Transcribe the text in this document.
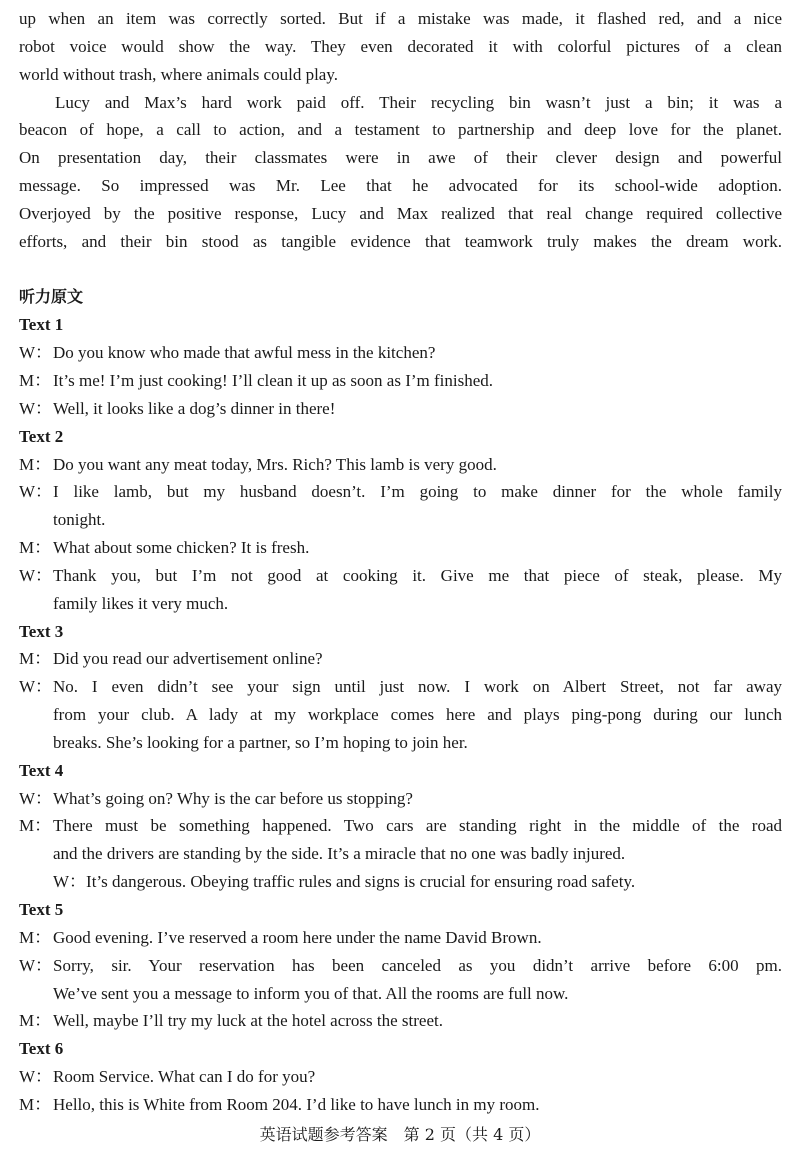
up when an item was correctly sorted. But if a mistake was made, it flashed red, and a nice
robot voice would show the way. They even decorated it with colorful pictures of a clean
world without trash, where animals could play.
Lucy and Max’s hard work paid off. Their recycling bin wasn’t just a bin; it was a
beacon of hope, a call to action, and a testament to partnership and deep love for the planet.
On presentation day, their classmates were in awe of their clever design and powerful
message. So impressed was Mr. Lee that he advocated for its school-wide adoption.
Overjoyed by the positive response, Lucy and Max realized that real change required collective
efforts, and their bin stood as tangible evidence that teamwork truly makes the dream work.
听力原文
Text 1
W： Do you know who made that awful mess in the kitchen?
M： It’s me! I’m just cooking! I’ll clean it up as soon as I’m finished.
W： Well, it looks like a dog’s dinner in there!
Text 2
M： Do you want any meat today, Mrs. Rich? This lamb is very good.
W： I like lamb, but my husband doesn’t. I’m going to make dinner for the whole family
tonight.
M： What about some chicken? It is fresh.
W： Thank you, but I’m not good at cooking it. Give me that piece of steak, please. My
family likes it very much.
Text 3
M： Did you read our advertisement online?
W： No. I even didn’t see your sign until just now. I work on Albert Street, not far away
from your club. A lady at my workplace comes here and plays ping-pong during our lunch
breaks. She’s looking for a partner, so I’m hoping to join her.
Text 4
W： What’s going on? Why is the car before us stopping?
M： There must be something happened. Two cars are standing right in the middle of the road
and the drivers are standing by the side. It’s a miracle that no one was badly injured.
W：It’s dangerous. Obeying traffic rules and signs is crucial for ensuring road safety.
Text 5
M： Good evening. I’ve reserved a room here under the name David Brown.
W： Sorry, sir. Your reservation has been canceled as you didn’t arrive before 6:00 pm.
We’ve sent you a message to inform you of that. All the rooms are full now.
M： Well, maybe I’ll try my luck at the hotel across the street.
Text 6
W： Room Service. What can I do for you?
M： Hello, this is White from Room 204. I’d like to have lunch in my room.
英语试题参考答案　第 2 页（共 4 页）
